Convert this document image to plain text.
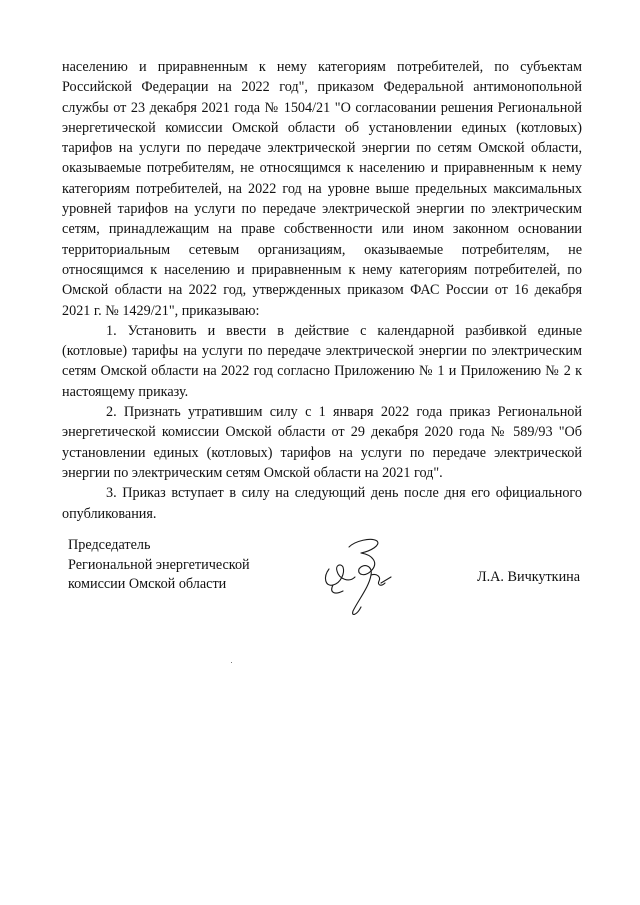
населению и приравненным к нему категориям потребителей, по субъектам Российской Федерации на 2022 год", приказом Федеральной антимонопольной службы от 23 декабря 2021 года № 1504/21 "О согласовании решения Региональной энергетической комиссии Омской области об установлении единых (котловых) тарифов на услуги по передаче электрической энергии по сетям Омской области, оказываемые потребителям, не относящимся к населению и приравненным к нему категориям потребителей, на 2022 год на уровне выше предельных максимальных уровней тарифов на услуги по передаче электрической энергии по электрическим сетям, принадлежащим на праве собственности или ином законном основании территориальным сетевым организациям, оказываемые потребителям, не относящимся к населению и приравненным к нему категориям потребителей, по Омской области на 2022 год, утвержденных приказом ФАС России от 16 декабря 2021 г. № 1429/21", приказываю:

1. Установить и ввести в действие с календарной разбивкой единые (котловые) тарифы на услуги по передаче электрической энергии по электрическим сетям Омской области на 2022 год согласно Приложению № 1 и Приложению № 2 к настоящему приказу.

2. Признать утратившим силу с 1 января 2022 года приказ Региональной энергетической комиссии Омской области от 29 декабря 2020 года № 589/93 "Об установлении единых (котловых) тарифов на услуги по передаче электрической энергии по электрическим сетям Омской области на 2021 год".

3. Приказ вступает в силу на следующий день после дня его официального опубликования.

Председатель
Региональной энергетической
комиссии Омской области	Л.А. Вичкуткина
